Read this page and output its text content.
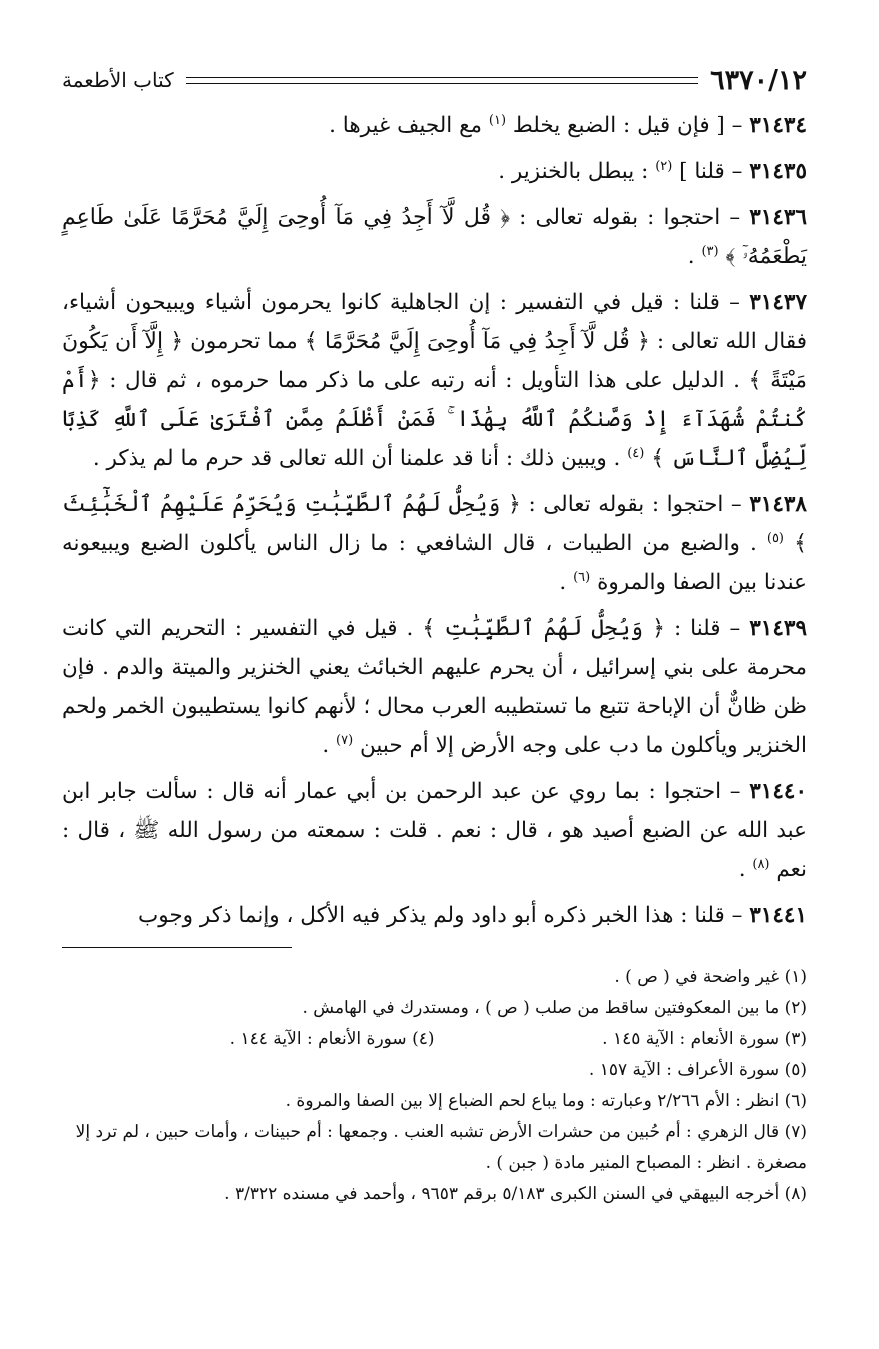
٦٣٧٠/١٢
كتاب الأطعمة

٣١٤٣٤ – [ فإن قيل : الضبع يخلط $^{(١)}$ مع الجيف غيرها .

٣١٤٣٥ – قلنا ] $^{(٢)}$ : يبطل بالخنزير .

٣١٤٣٦ – احتجوا : بقوله تعالى : ﴿ قُل لَّآ أَجِدُ فِي مَآ أُوحِىَ إِلَيَّ مُحَرَّمًا عَلَىٰ طَاعِمٍ يَطْعَمُهُۥٓ ﴾ $^{(٣)}$ .

٣١٤٣٧ – قلنا : قيل في التفسير : إن الجاهلية كانوا يحرمون أشياء ويبيحون أشياء، فقال الله تعالى : ﴿ قُل لَّآ أَجِدُ فِي مَآ أُوحِىَ إِلَيَّ مُحَرَّمًا ﴾ مما تحرمون ﴿ إِلَّآ أَن يَكُونَ مَيْتَةً ﴾ . الدليل على هذا التأويل : أنه رتبه على ما ذكر مما حرموه ، ثم قال : ﴿أَمْ كُنتُمْ شُهَدَآءَ إِذْ وَصَّىٰكُمُ ٱللَّهُ بِهَٰذَا ۚ فَمَنْ أَظْلَمُ مِمَّنِ ٱفْتَرَىٰ عَلَى ٱللَّهِ كَذِبًا لِّيُضِلَّ ٱلنَّاسَ ﴾ $^{(٤)}$ . ويبين ذلك : أنا قد علمنا أن الله تعالى قد حرم ما لم يذكر .

٣١٤٣٨ – احتجوا : بقوله تعالى : ﴿ وَيُحِلُّ لَهُمُ ٱلطَّيِّبَٰتِ وَيُحَرِّمُ عَلَيْهِمُ ٱلْخَبَٰٓئِثَ ﴾ $^{(٥)}$ . والضبع من الطيبات ، قال الشافعي : ما زال الناس يأكلون الضبع ويبيعونه عندنا بين الصفا والمروة $^{(٦)}$ .

٣١٤٣٩ – قلنا : ﴿ وَيُحِلُّ لَهُمُ ٱلطَّيِّبَٰتِ ﴾ . قيل في التفسير : التحريم التي كانت محرمة على بني إسرائيل ، أن يحرم عليهم الخبائث يعني الخنزير والميتة والدم . فإن ظن ظانٌّ أن الإباحة تتبع ما تستطيبه العرب محال ؛ لأنهم كانوا يستطيبون الخمر ولحم الخنزير ويأكلون ما دب على وجه الأرض إلا أم حبين $^{(٧)}$ .

٣١٤٤٠ – احتجوا : بما روي عن عبد الرحمن بن أبي عمار أنه قال : سألت جابر ابن عبد الله عن الضبع أصيد هو ، قال : نعم . قلت : سمعته من رسول الله ﷺ ، قال : نعم $^{(٨)}$ .

٣١٤٤١ – قلنا : هذا الخبر ذكره أبو داود ولم يذكر فيه الأكل ، وإنما ذكر وجوب

(١) غير واضحة في ( ص ) .

(٢) ما بين المعكوفتين ساقط من صلب ( ص ) ، ومستدرك في الهامش .

(٣) سورة الأنعام : الآية ١٤٥ .

(٤) سورة الأنعام : الآية ١٤٤ .

(٥) سورة الأعراف : الآية ١٥٧ .

(٦) انظر : الأم ٢/٢٦٦ وعبارته : وما يباع لحم الضباع إلا بين الصفا والمروة .

(٧) قال الزهري : أم حُبين من حشرات الأرض تشبه العنب . وجمعها : أم حبينات ، وأمات حبين ، لم ترد إلا مصغرة . انظر : المصباح المنير مادة ( جبن ) .

(٨) أخرجه البيهقي في السنن الكبرى ٥/١٨٣ برقم ٩٦٥٣ ، وأحمد في مسنده ٣/٣٢٢ .
